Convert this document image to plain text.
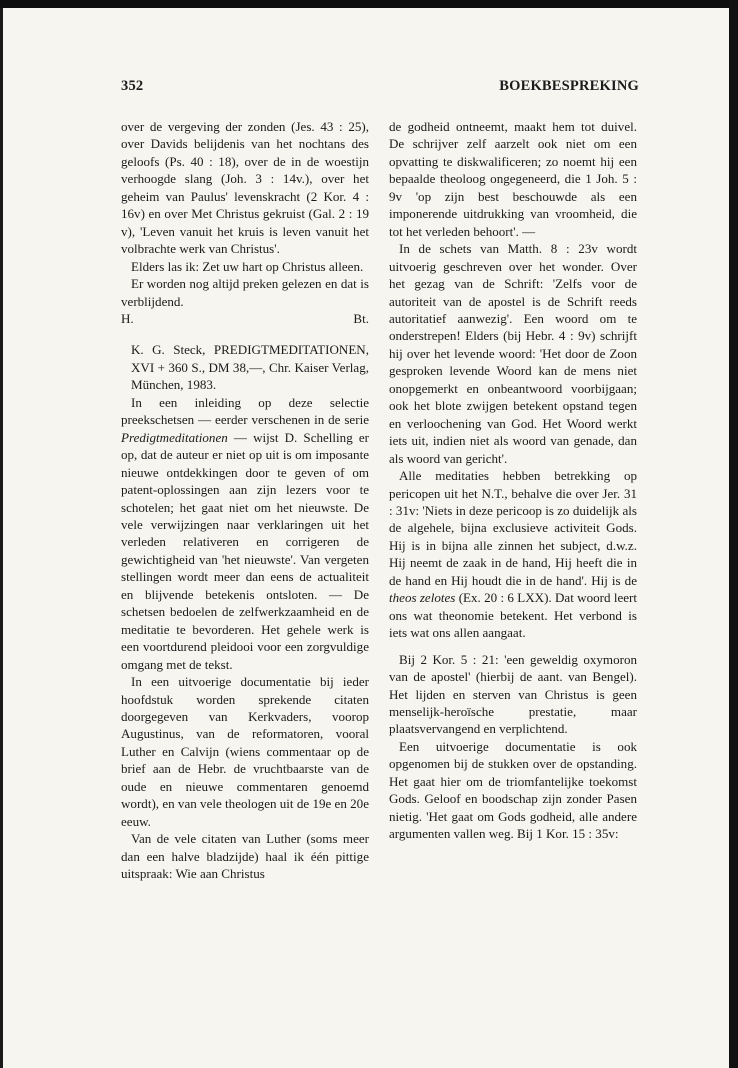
352	BOEKBESPREKING

over de vergeving der zonden (Jes. 43 : 25), over Davids belijdenis van het nochtans des geloofs (Ps. 40 : 18), over de in de woestijn verhoogde slang (Joh. 3 : 14v.), over het geheim van Paulus' levenskracht (2 Kor. 4 : 16v) en over Met Christus gekruist (Gal. 2 : 19 v), 'Leven vanuit het kruis is leven vanuit het volbrachte werk van Christus'.

Elders las ik: Zet uw hart op Christus alleen.

Er worden nog altijd preken gelezen en dat is verblijdend.

H.	Bt.

K. G. Steck, PREDIGTMEDITATIONEN, XVI + 360 S., DM 38,—, Chr. Kaiser Verlag, München, 1983.

In een inleiding op deze selectie preekschetsen — eerder verschenen in de serie Predigtmeditationen — wijst D. Schelling er op, dat de auteur er niet op uit is om imposante nieuwe ontdekkingen door te geven of om patent-oplossingen aan zijn lezers voor te schotelen; het gaat niet om het nieuwste. De vele verwijzingen naar verklaringen uit het verleden relativeren en corrigeren de gewichtigheid van 'het nieuwste'. Van vergeten stellingen wordt meer dan eens de actualiteit en blijvende betekenis ontsloten. — De schetsen bedoelen de zelfwerkzaamheid en de meditatie te bevorderen. Het gehele werk is een voortdurend pleidooi voor een zorgvuldige omgang met de tekst.

In een uitvoerige documentatie bij ieder hoofdstuk worden sprekende citaten doorgegeven van Kerkvaders, voorop Augustinus, van de reformatoren, vooral Luther en Calvijn (wiens commentaar op de brief aan de Hebr. de vruchtbaarste van de oude en nieuwe commentaren genoemd wordt), en van vele theologen uit de 19e en 20e eeuw.

Van de vele citaten van Luther (soms meer dan een halve bladzijde) haal ik één pittige uitspraak: Wie aan Christus

de godheid ontneemt, maakt hem tot duivel. De schrijver zelf aarzelt ook niet om een opvatting te diskwalificeren; zo noemt hij een bepaalde theoloog ongegeneerd, die 1 Joh. 5 : 9v 'op zijn best beschouwde als een imponerende uitdrukking van vroomheid, die tot het verleden behoort'. —

In de schets van Matth. 8 : 23v wordt uitvoerig geschreven over het wonder. Over het gezag van de Schrift: 'Zelfs voor de autoriteit van de apostel is de Schrift reeds autoritatief aanwezig'. Een woord om te onderstrepen! Elders (bij Hebr. 4 : 9v) schrijft hij over het levende woord: 'Het door de Zoon gesproken levende Woord kan de mens niet onopgemerkt en onbeantwoord voorbijgaan; ook het blote zwijgen betekent opstand tegen en verloochening van God. Het Woord werkt iets uit, indien niet als woord van genade, dan als woord van gericht'.

Alle meditaties hebben betrekking op pericopen uit het N.T., behalve die over Jer. 31 : 31v: 'Niets in deze pericoop is zo duidelijk als de algehele, bijna exclusieve activiteit Gods. Hij is in bijna alle zinnen het subject, d.w.z. Hij neemt de zaak in de hand, Hij heeft die in de hand en Hij houdt die in de hand'. Hij is de theos zelotes (Ex. 20 : 6 LXX). Dat woord leert ons wat theonomie betekent. Het verbond is iets wat ons allen aangaat.

Bij 2 Kor. 5 : 21: 'een geweldig oxymoron van de apostel' (hierbij de aant. van Bengel). Het lijden en sterven van Christus is geen menselijk-heroïsche prestatie, maar plaatsvervangend en verplichtend.

Een uitvoerige documentatie is ook opgenomen bij de stukken over de opstanding. Het gaat hier om de triomfantelijke toekomst Gods. Geloof en boodschap zijn zonder Pasen nietig. 'Het gaat om Gods godheid, alle andere argumenten vallen weg. Bij 1 Kor. 15 : 35v:
